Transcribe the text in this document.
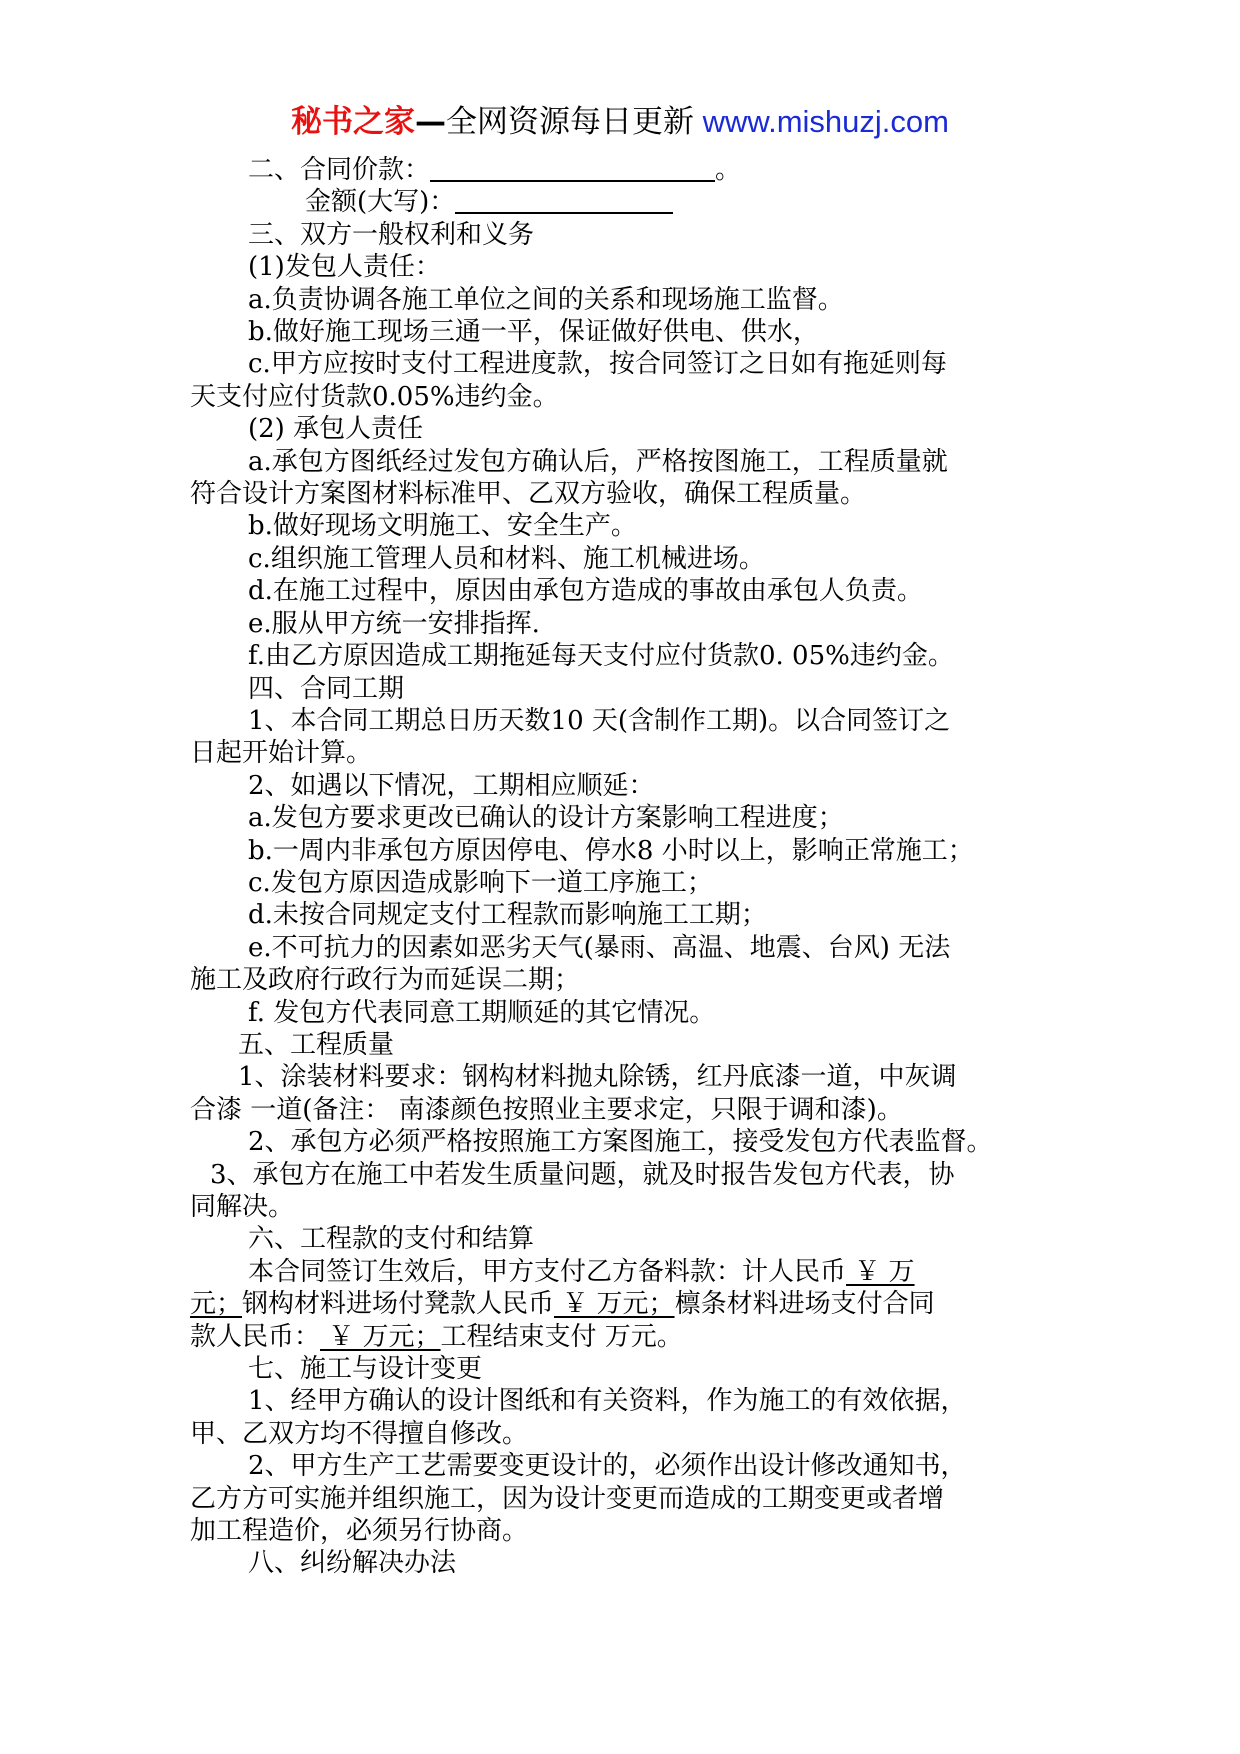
秘书之家—全网资源每日更新 www.mishuzj.com

二、合同价款：	。

金额(大写)：

三、双方一般权利和义务

(1)发包人责任：

a.负责协调各施工单位之间的关系和现场施工监督。

b.做好施工现场三通一平，保证做好供电、供水，

c.甲方应按时支付工程进度款，按合同签订之日如有拖延则每

天支付应付货款0.05%违约金。

(2) 承包人责任

a.承包方图纸经过发包方确认后，严格按图施工，工程质量就

符合设计方案图材料标准甲、乙双方验收，确保工程质量。

b.做好现场文明施工、安全生产。

c.组织施工管理人员和材料、施工机械进场。

d.在施工过程中，原因由承包方造成的事故由承包人负责。

e.服从甲方统一安排指挥.

f.由乙方原因造成工期拖延每天支付应付货款0. 05%违约金。

四、合同工期

1、本合同工期总日历天数10 天(含制作工期)。以合同签订之

日起开始计算。

2、如遇以下情况，工期相应顺延：

a.发包方要求更改已确认的设计方案影响工程进度；

b.一周内非承包方原因停电、停水8 小时以上，影响正常施工；

c.发包方原因造成影响下一道工序施工；

d.未按合同规定支付工程款而影响施工工期；

e.不可抗力的因素如恶劣天气(暴雨、高温、地震、台风) 无法

施工及政府行政行为而延误二期；

f. 发包方代表同意工期顺延的其它情况。

五、工程质量

1、涂装材料要求：钢构材料抛丸除锈，红丹底漆一道，中灰调

合漆 一道(备注： 南漆颜色按照业主要求定，只限于调和漆)。

2、承包方必须严格按照施工方案图施工，接受发包方代表监督。

3、承包方在施工中若发生质量问题，就及时报告发包方代表，协

同解决。

六、工程款的支付和结算

本合同签订生效后，甲方支付乙方备料款：计人民币 ￥ 万

元；钢构材料进场付凳款人民币 ￥ 万元；檩条材料进场支付合同

款人民币： ￥ 万元；工程结束支付 万元。

七、施工与设计变更

1、经甲方确认的设计图纸和有关资料，作为施工的有效依据，

甲、乙双方均不得擅自修改。

2、甲方生产工艺需要变更设计的，必须作出设计修改通知书，

乙方方可实施并组织施工，因为设计变更而造成的工期变更或者增

加工程造价，必须另行协商。

八、纠纷解决办法
